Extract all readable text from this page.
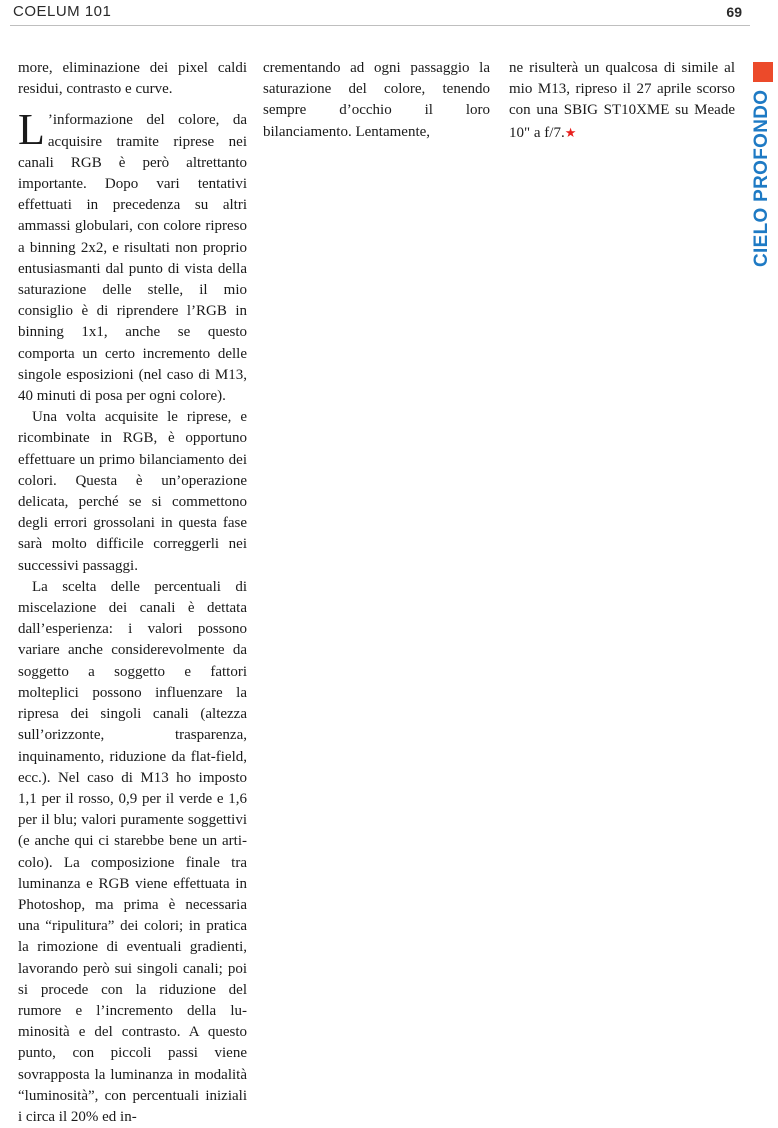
COELUM 101	69

more, eliminazione dei pixel caldi residui, contrasto e curve.

L ’informazione del colore, da acquisire tramite riprese nei canali RGB è però altrettanto importante. Dopo vari tentativi effettuati in precedenza su altri ammassi globulari, con colore ripreso a binning 2x2, e risultati non proprio entusiasmanti dal punto di vista della saturazione delle stelle, il mio consiglio è di riprendere l’RGB in binning 1x1, anche se questo comporta un certo incremento delle singole esposizioni (nel caso di M13, 40 minuti di posa per ogni colore).

Una volta acquisite le riprese, e ricombinate in RGB, è opportuno effettuare un primo bilanciamento dei colori. Questa è un’operazione delicata, perché se si commettono degli errori grossolani in questa fase sarà molto difficile correggerli nei successivi passaggi.

La scelta delle percentuali di miscelazione dei canali è dettata dall’esperienza: i valori possono variare anche considerevolmente da soggetto a soggetto e fattori molteplici possono influenzare la ripresa dei singoli canali (altezza sull’orizzonte, trasparenza, inquinamento, riduzione da flat-field, ecc.). Nel caso di M13 ho imposto 1,1 per il rosso, 0,9 per il verde e 1,6 per il blu; valori puramente soggettivi (e anche qui ci starebbe bene un articolo). La composizione finale tra luminanza e RGB viene effettuata in Photoshop, ma prima è necessaria una “ripulitura” dei colori; in pratica la rimozione di eventuali gradienti, lavorando però sui singoli canali; poi si procede con la riduzione del rumore e l’incremento della luminosità e del contrasto. A questo punto, con piccoli passi viene sovrapposta la luminanza in modalità “luminosità”, con percentuali iniziali i circa il 20% ed in-

crementando ad ogni passaggio la saturazione del colore, tenendo sempre d’occhio il loro bilanciamento. Lentamente,

ne risulterà un qualcosa di simile al mio M13, ripreso il 27 aprile scorso con una SBIG ST10XME su Meade 10" a f/7.★	CIELO PROFONDO
